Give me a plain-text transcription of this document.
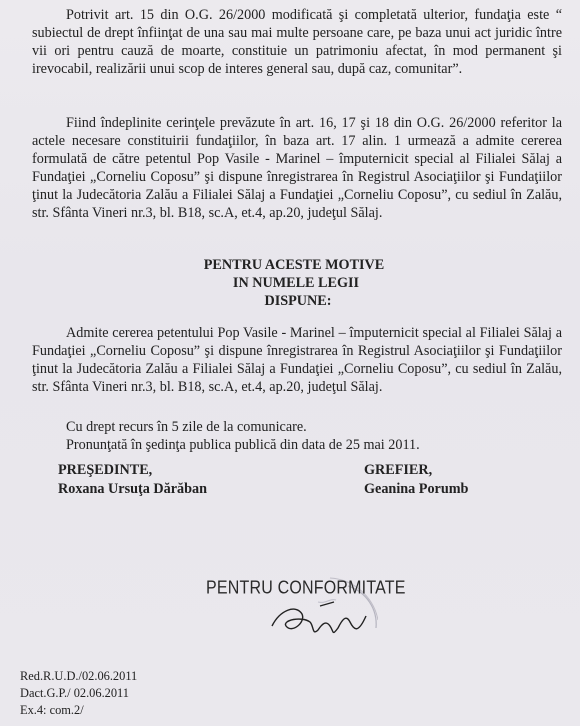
Potrivit art. 15 din O.G. 26/2000 modificată şi completată ulterior, fundaţia este “ subiectul de drept înfiinţat de una sau mai multe persoane care, pe baza unui act juridic între vii ori pentru cauză de moarte, constituie un patrimoniu afectat, în mod permanent şi irevocabil, realizării unui scop de interes general sau, după caz, comunitar”.
Fiind îndeplinite cerinţele prevăzute în art. 16, 17 şi 18 din O.G. 26/2000 referitor la actele necesare constituirii fundaţiilor, în baza art. 17 alin. 1 urmează a admite cererea formulată de către petentul Pop Vasile - Marinel – împuternicit special al Filialei Sălaj a Fundaţiei „Corneliu Coposu” şi dispune înregistrarea în Registrul Asociaţiilor şi Fundaţiilor ţinut la Judecătoria Zalău a Filialei Sălaj a Fundaţiei „Corneliu Coposu”, cu sediul în Zalău, str. Sfânta Vineri nr.3, bl. B18, sc.A, et.4, ap.20, judeţul Sălaj.
PENTRU ACESTE MOTIVE
IN NUMELE LEGII
DISPUNE:
Admite cererea petentului Pop Vasile - Marinel – împuternicit special al Filialei Sălaj a Fundaţiei „Corneliu Coposu” şi dispune înregistrarea în Registrul Asociaţiilor şi Fundaţiilor ţinut la Judecătoria Zalău a Filialei Sălaj a Fundaţiei „Corneliu Coposu”, cu sediul în Zalău, str. Sfânta Vineri nr.3, bl. B18, sc.A, et.4, ap.20, judeţul Sălaj.
Cu drept recurs în 5 zile de la comunicare.
Pronunţată în şedinţa publica publică din data de 25 mai 2011.
PREŞEDINTE,
Roxana Ursuţa Dărăban
GREFIER,
Geanina Porumb
PENTRU CONFORMITATE
Red.R.U.D./02.06.2011
Dact.G.P./ 02.06.2011
Ex.4: com.2/
